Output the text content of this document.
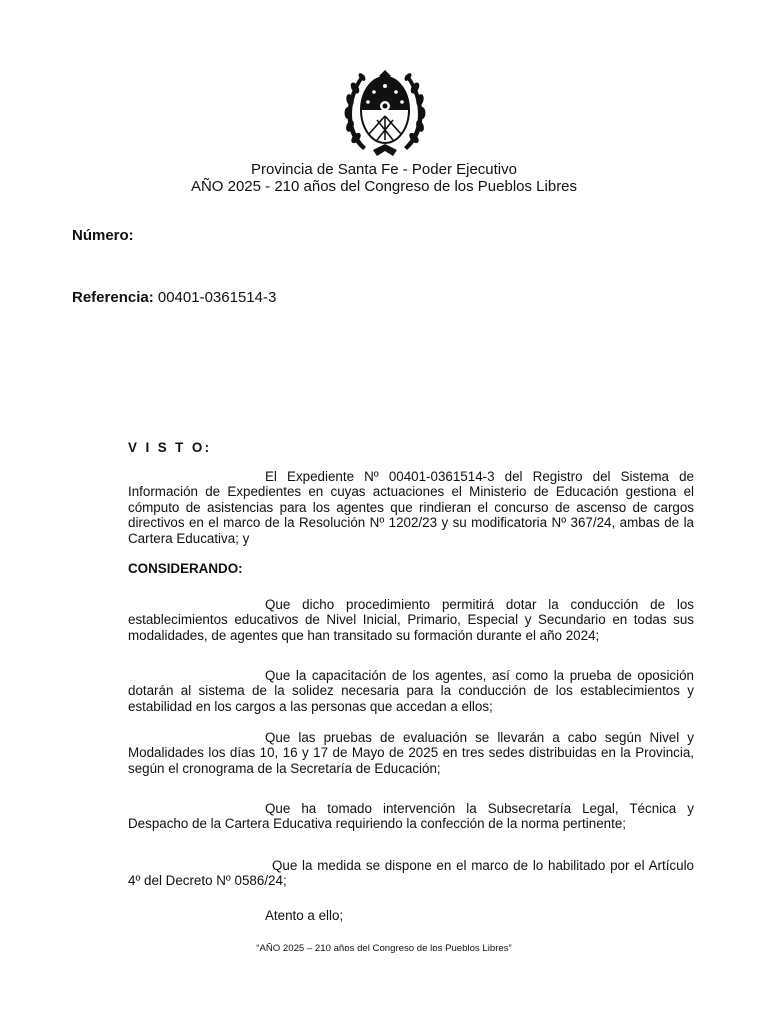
Provincia de Santa Fe - Poder Ejecutivo
AÑO 2025 - 210 años del Congreso de los Pueblos Libres
Número:
Referencia: 00401-0361514-3
V I S T O:

El Expediente Nº 00401-0361514-3 del Registro del Sistema de Información de Expedientes en cuyas actuaciones el Ministerio de Educación gestiona el cómputo de asistencias para los agentes que rindieran el concurso de ascenso de cargos directivos en el marco de la Resolución Nº 1202/23 y su modificatoria Nº 367/24, ambas de la Cartera Educativa; y

CONSIDERANDO:

Que dicho procedimiento permitirá dotar la conducción de los establecimientos educativos de Nivel Inicial, Primario, Especial y Secundario en todas sus modalidades, de agentes que han transitado su formación durante el año 2024;

Que la capacitación de los agentes, así como la prueba de oposición dotarán al sistema de la solidez necesaria para la conducción de los establecimientos y estabilidad en los cargos a las personas que accedan a ellos;

Que las pruebas de evaluación se llevarán a cabo según Nivel y Modalidades los días 10, 16 y 17 de Mayo de 2025 en tres sedes distribuidas en la Provincia, según el cronograma de la Secretaría de Educación;

Que ha tomado intervención la Subsecretaría Legal, Técnica y Despacho de la Cartera Educativa requiriendo la confección de la norma pertinente;

Que la medida se dispone en el marco de lo habilitado por el Artículo 4º del Decreto Nº 0586/24;

Atento a ello;

“AÑO 2025 – 210 años del Congreso de los Pueblos Libres”
